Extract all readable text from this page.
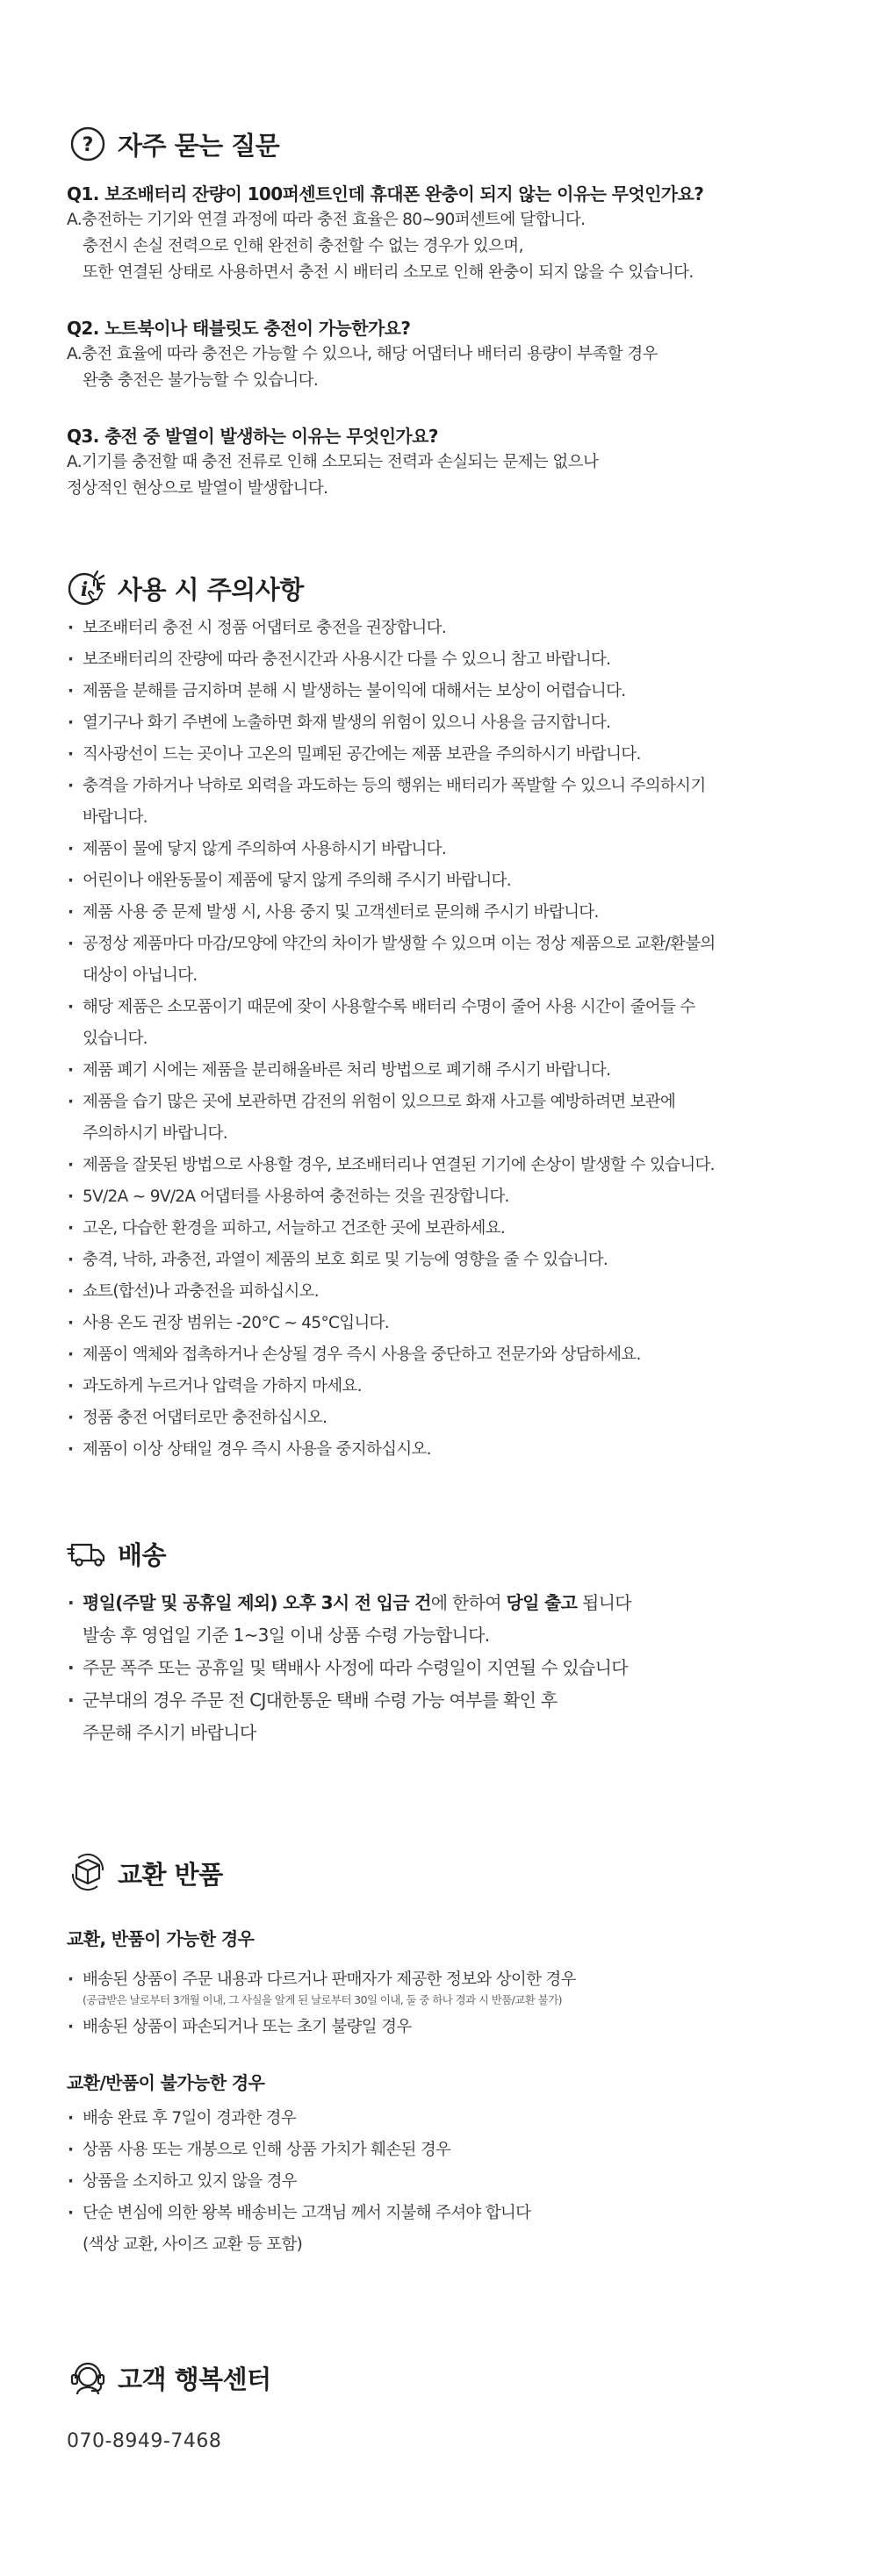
? 자주 묻는 질문
Q1. 보조배터리 잔량이 100퍼센트인데 휴대폰 완충이 되지 않는 이유는 무엇인가요?
A.충전하는 기기와 연결 과정에 따라 충전 효율은 80~90퍼센트에 달합니다.
충전시 손실 전력으로 인해 완전히 충전할 수 없는 경우가 있으며,
또한 연결된 상태로 사용하면서 충전 시 배터리 소모로 인해 완충이 되지 않을 수 있습니다.
Q2. 노트북이나 태블릿도 충전이 가능한가요?
A.충전 효율에 따라 충전은 가능할 수 있으나, 해당 어댑터나 배터리 용량이 부족할 경우
완충 충전은 불가능할 수 있습니다.
Q3. 충전 중 발열이 발생하는 이유는 무엇인가요?
A.기기를 충전할 때 충전 전류로 인해 소모되는 전력과 손실되는 문제는 없으나
정상적인 현상으로 발열이 발생합니다.
i 사용 시 주의사항
· 보조배터리 충전 시 정품 어댑터로 충전을 권장합니다.
· 보조배터리의 잔량에 따라 충전시간과 사용시간 다를 수 있으니 참고 바랍니다.
· 제품을 분해를 금지하며 분해 시 발생하는 불이익에 대해서는 보상이 어렵습니다.
· 열기구나 화기 주변에 노출하면 화재 발생의 위험이 있으니 사용을 금지합니다.
· 직사광선이 드는 곳이나 고온의 밀폐된 공간에는 제품 보관을 주의하시기 바랍니다.
· 충격을 가하거나 낙하로 외력을 과도하는 등의 행위는 배터리가 폭발할 수 있으니 주의하시기
바랍니다.
· 제품이 물에 닿지 않게 주의하여 사용하시기 바랍니다.
· 어린이나 애완동물이 제품에 닿지 않게 주의해 주시기 바랍니다.
· 제품 사용 중 문제 발생 시, 사용 중지 및 고객센터로 문의해 주시기 바랍니다.
· 공정상 제품마다 마감/모양에 약간의 차이가 발생할 수 있으며 이는 정상 제품으로 교환/환불의
대상이 아닙니다.
· 해당 제품은 소모품이기 때문에 잦이 사용할수록 배터리 수명이 줄어 사용 시간이 줄어들 수
있습니다.
· 제품 폐기 시에는 제품을 분리해올바른 처리 방법으로 폐기해 주시기 바랍니다.
· 제품을 습기 많은 곳에 보관하면 감전의 위험이 있으므로 화재 사고를 예방하려면 보관에
주의하시기 바랍니다.
· 제품을 잘못된 방법으로 사용할 경우, 보조배터리나 연결된 기기에 손상이 발생할 수 있습니다.
· 5V/2A ~ 9V/2A 어댑터를 사용하여 충전하는 것을 권장합니다.
· 고온, 다습한 환경을 피하고, 서늘하고 건조한 곳에 보관하세요.
· 충격, 낙하, 과충전, 과열이 제품의 보호 회로 및 기능에 영향을 줄 수 있습니다.
· 쇼트(합선)나 과충전을 피하십시오.
· 사용 온도 권장 범위는 -20°C ~ 45°C입니다.
· 제품이 액체와 접촉하거나 손상될 경우 즉시 사용을 중단하고 전문가와 상담하세요.
· 과도하게 누르거나 압력을 가하지 마세요.
· 정품 충전 어댑터로만 충전하십시오.
· 제품이 이상 상태일 경우 즉시 사용을 중지하십시오.
배송
· 평일(주말 및 공휴일 제외) 오후 3시 전 입금 건에 한하여 당일 출고 됩니다
발송 후 영업일 기준 1~3일 이내 상품 수령 가능합니다.
· 주문 폭주 또는 공휴일 및 택배사 사정에 따라 수령일이 지연될 수 있습니다
· 군부대의 경우 주문 전 CJ대한통운 택배 수령 가능 여부를 확인 후
주문해 주시기 바랍니다
교환 반품
교환, 반품이 가능한 경우
· 배송된 상품이 주문 내용과 다르거나 판매자가 제공한 정보와 상이한 경우
(공급받은 날로부터 3개월 이내, 그 사실을 알게 된 날로부터 30일 이내, 둘 중 하나 경과 시 반품/교환 불가)
· 배송된 상품이 파손되거나 또는 초기 불량일 경우
교환/반품이 불가능한 경우
· 배송 완료 후 7일이 경과한 경우
· 상품 사용 또는 개봉으로 인해 상품 가치가 훼손된 경우
· 상품을 소지하고 있지 않을 경우
· 단순 변심에 의한 왕복 배송비는 고객님 께서 지불해 주셔야 합니다
(색상 교환, 사이즈 교환 등 포함)
고객 행복센터
070-8949-7468
